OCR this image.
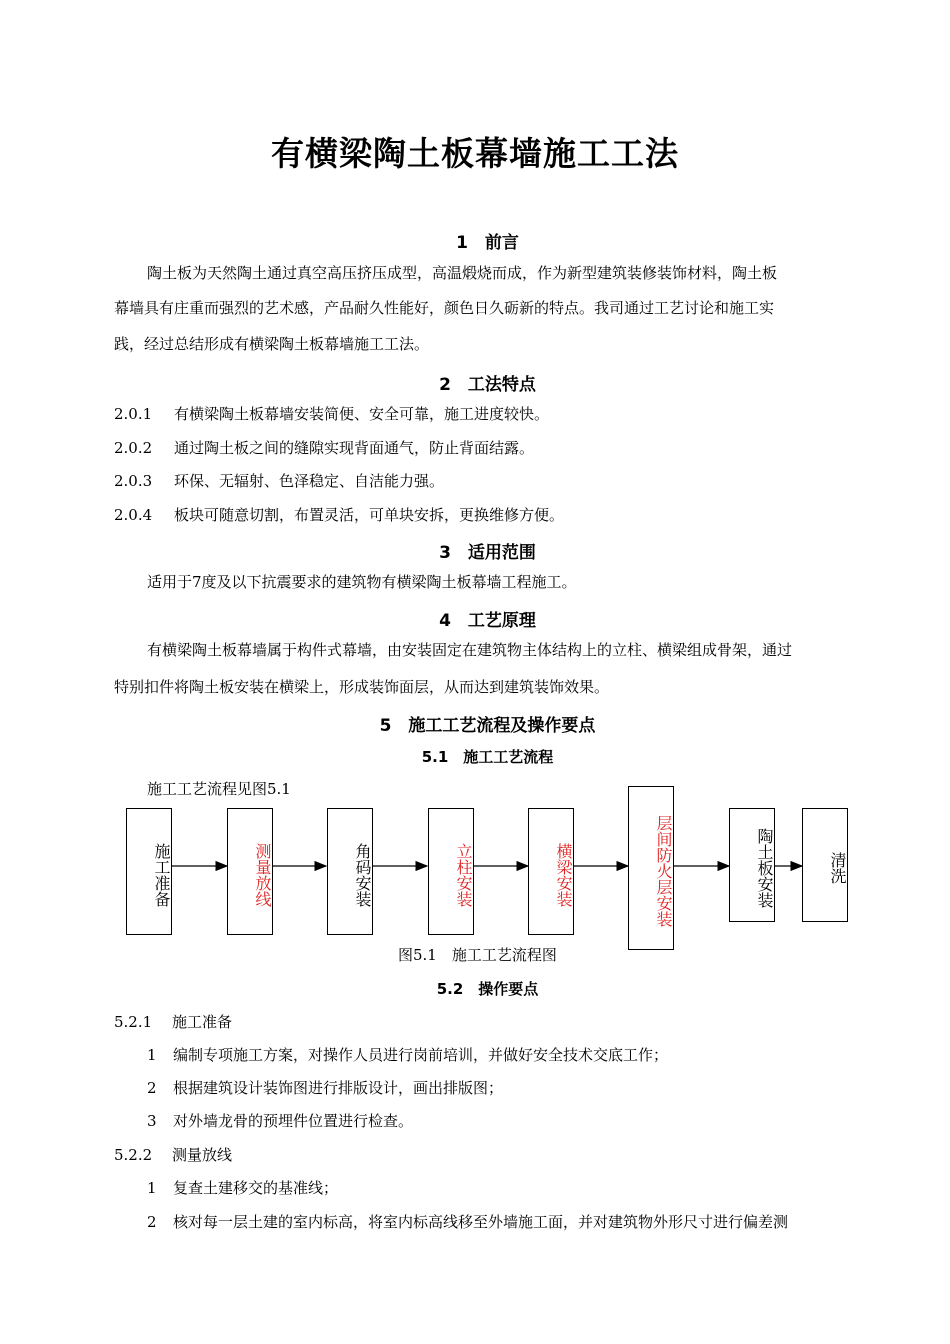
有横梁陶土板幕墙施工工法
1　前言
陶土板为天然陶土通过真空高压挤压成型，高温煅烧而成，作为新型建筑装修装饰材料，陶土板
幕墙具有庄重而强烈的艺术感，产品耐久性能好，颜色日久砺新的特点。我司通过工艺讨论和施工实
践，经过总结形成有横梁陶土板幕墙施工工法。
2　工法特点
2.0.1 有横梁陶土板幕墙安装简便、安全可靠，施工进度较快。
2.0.2 通过陶土板之间的缝隙实现背面通气，防止背面结露。
2.0.3 环保、无辐射、色泽稳定、自洁能力强。
2.0.4 板块可随意切割，布置灵活，可单块安拆，更换维修方便。
3　适用范围
适用于7度及以下抗震要求的建筑物有横梁陶土板幕墙工程施工。
4　工艺原理
有横梁陶土板幕墙属于构件式幕墙，由安装固定在建筑物主体结构上的立柱、横梁组成骨架，通过
特别扣件将陶土板安装在横梁上，形成装饰面层，从而达到建筑装饰效果。
5　施工工艺流程及操作要点
5.1　施工工艺流程
施工工艺流程见图5.1
施工准备	测量放线	角码安装	立柱安装	横梁安装	层间防火层安装	陶土板安装	清洗
图5.1　施工工艺流程图
5.2　操作要点
5.2.1 施工准备
1 编制专项施工方案，对操作人员进行岗前培训，并做好安全技术交底工作；
2 根据建筑设计装饰图进行排版设计，画出排版图；
3 对外墙龙骨的预埋件位置进行检查。
5.2.2 测量放线
1 复查土建移交的基准线；
2 核对每一层土建的室内标高，将室内标高线移至外墙施工面，并对建筑物外形尺寸进行偏差测
